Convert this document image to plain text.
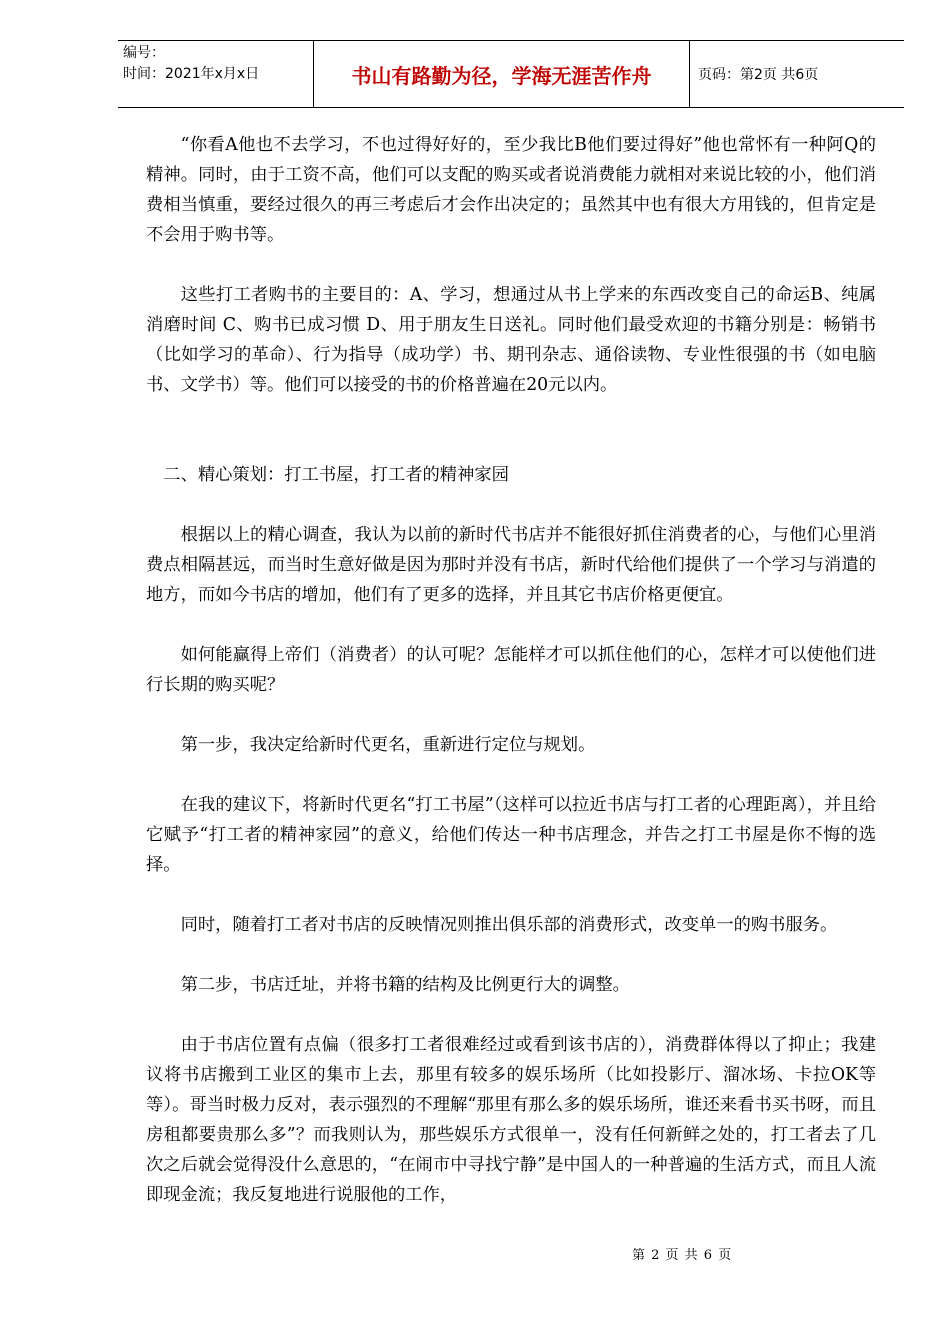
编号：
时间：2021年x月x日	书山有路勤为径，学海无涯苦作舟	页码：第2页 共6页

“你看A他也不去学习，不也过得好好的，至少我比B他们要过得好”他也常怀有一种阿Q的精神。同时，由于工资不高，他们可以支配的购买或者说消费能力就相对来说比较的小，他们消费相当慎重，要经过很久的再三考虑后才会作出决定的；虽然其中也有很大方用钱的，但肯定是不会用于购书等。

这些打工者购书的主要目的：A、学习，想通过从书上学来的东西改变自己的命运B、纯属消磨时间 C、购书已成习惯 D、用于朋友生日送礼。同时他们最受欢迎的书籍分别是：畅销书（比如学习的革命）、行为指导（成功学）书、期刊杂志、通俗读物、专业性很强的书（如电脑书、文学书）等。他们可以接受的书的价格普遍在20元以内。

二、精心策划：打工书屋，打工者的精神家园

根据以上的精心调查，我认为以前的新时代书店并不能很好抓住消费者的心，与他们心里消费点相隔甚远，而当时生意好做是因为那时并没有书店，新时代给他们提供了一个学习与消遣的地方，而如今书店的增加，他们有了更多的选择，并且其它书店价格更便宜。

如何能赢得上帝们（消费者）的认可呢？怎能样才可以抓住他们的心，怎样才可以使他们进行长期的购买呢？

第一步，我决定给新时代更名，重新进行定位与规划。

在我的建议下，将新时代更名“打工书屋”（这样可以拉近书店与打工者的心理距离），并且给它赋予“打工者的精神家园”的意义，给他们传达一种书店理念，并告之打工书屋是你不悔的选择。

同时，随着打工者对书店的反映情况则推出俱乐部的消费形式，改变单一的购书服务。

第二步，书店迁址，并将书籍的结构及比例更行大的调整。

由于书店位置有点偏（很多打工者很难经过或看到该书店的），消费群体得以了抑止；我建议将书店搬到工业区的集市上去，那里有较多的娱乐场所（比如投影厅、溜冰场、卡拉OK等等）。哥当时极力反对，表示强烈的不理解“那里有那么多的娱乐场所，谁还来看书买书呀，而且房租都要贵那么多”？而我则认为，那些娱乐方式很单一，没有任何新鲜之处的，打工者去了几次之后就会觉得没什么意思的，“在闹市中寻找宁静”是中国人的一种普遍的生活方式，而且人流即现金流；我反复地进行说服他的工作，

第 2 页 共 6 页
